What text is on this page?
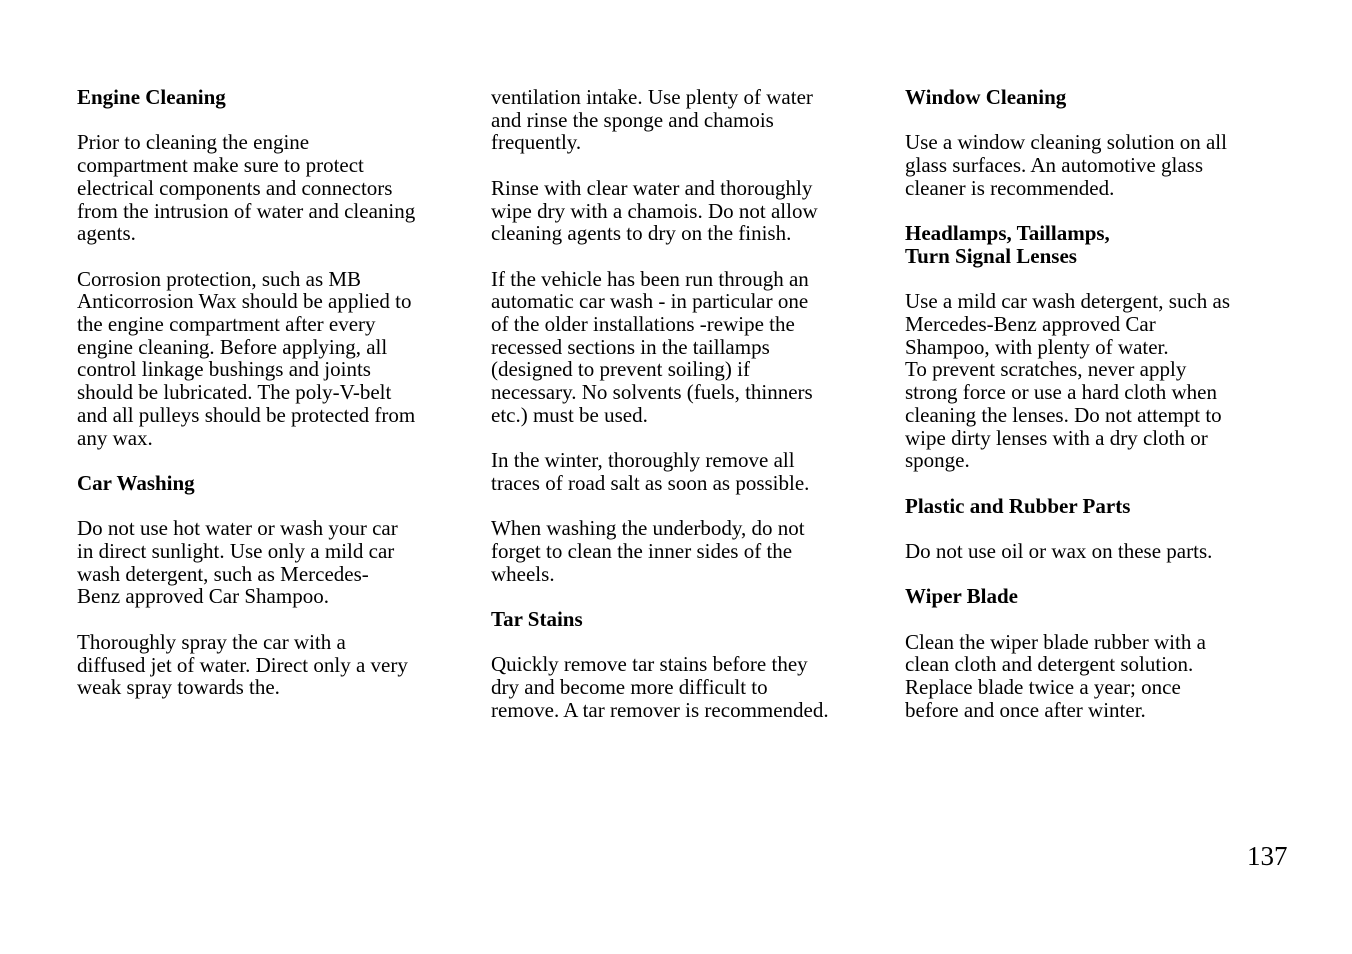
Engine Cleaning
Prior to cleaning the engine
compartment make sure to protect
electrical components and connectors
from the intrusion of water and cleaning
agents.
Corrosion protection, such as MB
Anticorrosion Wax should be applied to
the engine compartment after every
engine cleaning. Before applying, all
control linkage bushings and joints
should be lubricated. The poly-V-belt
and all pulleys should be protected from
any wax.
Car Washing
Do not use hot water or wash your car
in direct sunlight. Use only a mild car
wash detergent, such as Mercedes-
Benz approved Car Shampoo.
Thoroughly spray the car with a
diffused jet of water. Direct only a very
weak spray towards the.
ventilation intake. Use plenty of water
and rinse the sponge and chamois
frequently.
Rinse with clear water and thoroughly
wipe dry with a chamois. Do not allow
cleaning agents to dry on the finish.
If the vehicle has been run through an
automatic car wash - in particular one
of the older installations -rewipe the
recessed sections in the taillamps
(designed to prevent soiling) if
necessary. No solvents (fuels, thinners
etc.) must be used.
In the winter, thoroughly remove all
traces of road salt as soon as possible.
When washing the underbody, do not
forget to clean the inner sides of the
wheels.
Tar Stains
Quickly remove tar stains before they
dry and become more difficult to
remove. A tar remover is recommended.
Window Cleaning
Use a window cleaning solution on all
glass surfaces. An automotive glass
cleaner is recommended.
Headlamps, Taillamps,
Turn Signal Lenses
Use a mild car wash detergent, such as
Mercedes-Benz approved Car
Shampoo, with plenty of water.
To prevent scratches, never apply
strong force or use a hard cloth when
cleaning the lenses. Do not attempt to
wipe dirty lenses with a dry cloth or
sponge.
Plastic and Rubber Parts
Do not use oil or wax on these parts.
Wiper Blade
Clean the wiper blade rubber with a
clean cloth and detergent solution.
Replace blade twice a year; once
before and once after winter.
137
